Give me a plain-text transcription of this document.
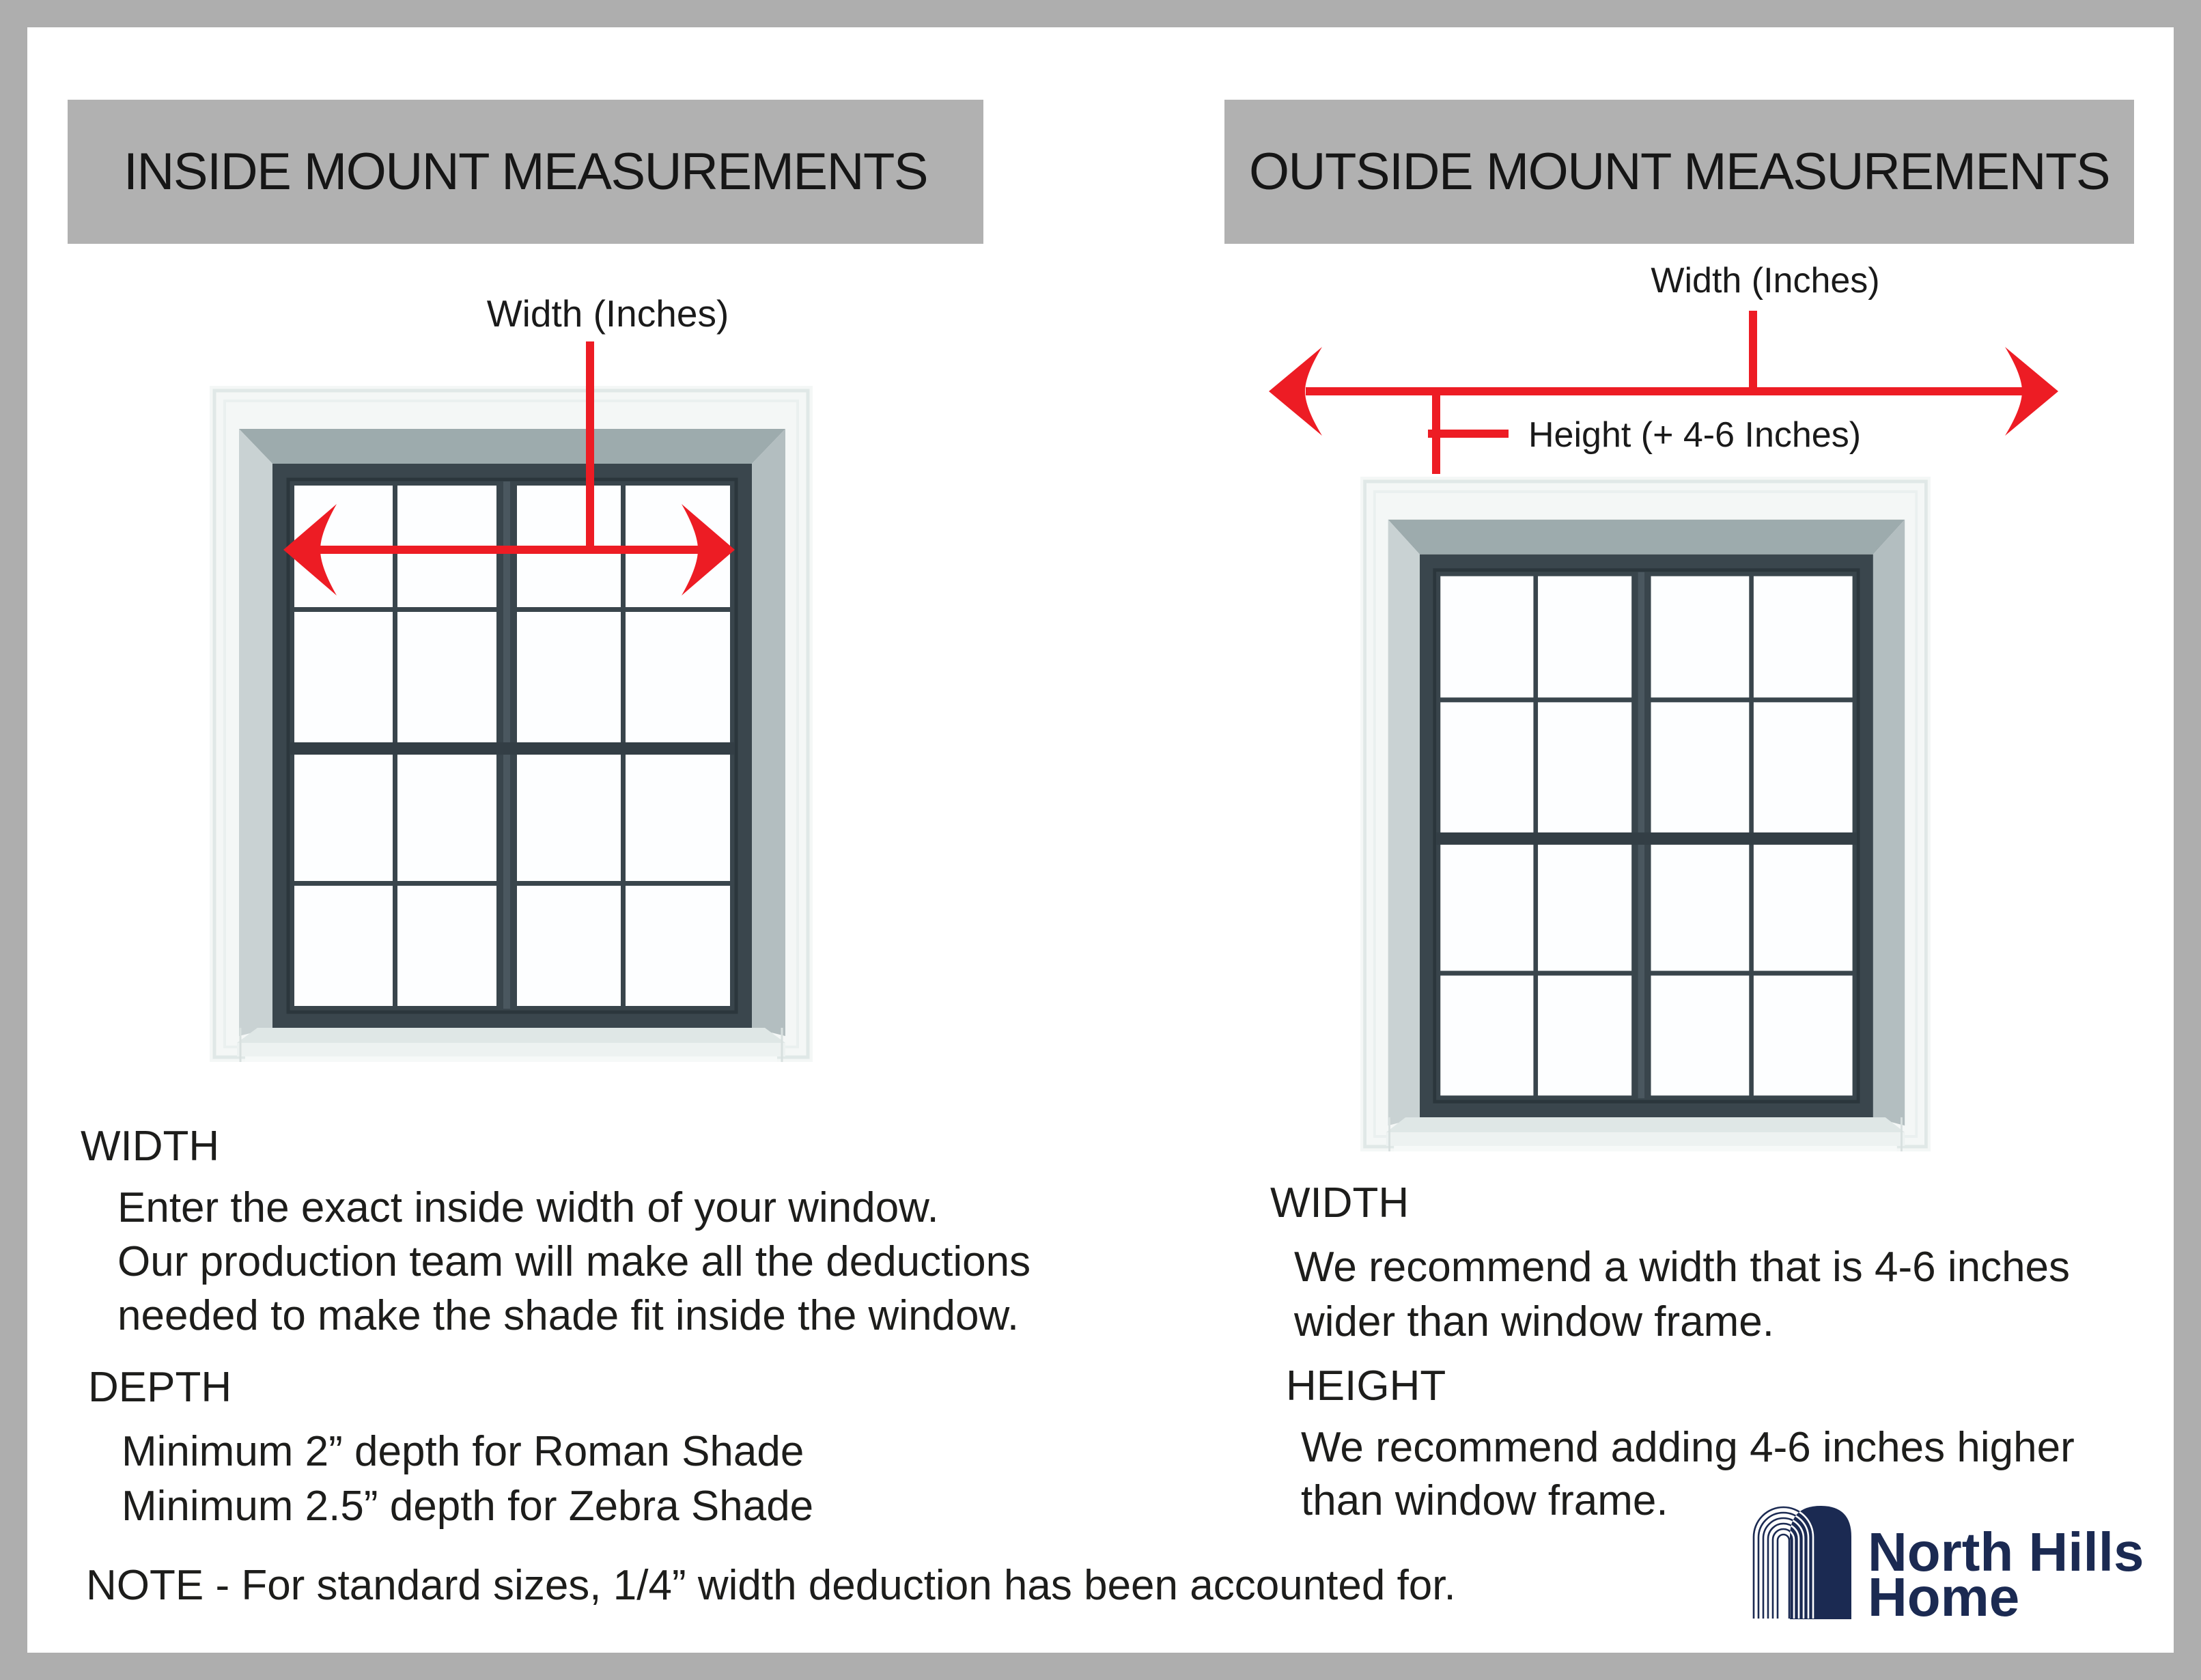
INSIDE MOUNT MEASUREMENTS	OUTSIDE MOUNT MEASUREMENTS
Width (Inches)
Width (Inches)
Height (+ 4-6 Inches)
WIDTH
Enter the exact inside width of your window.
Our production team will make all the deductions
needed to make the shade fit inside the window.
DEPTH
Minimum 2” depth for Roman Shade
Minimum 2.5” depth for Zebra Shade
NOTE - For standard sizes, 1/4” width deduction has been accounted for.
WIDTH
We recommend a width that is 4-6 inches
wider than window frame.
HEIGHT
We recommend adding 4-6 inches higher
than window frame.
North Hills
Home
